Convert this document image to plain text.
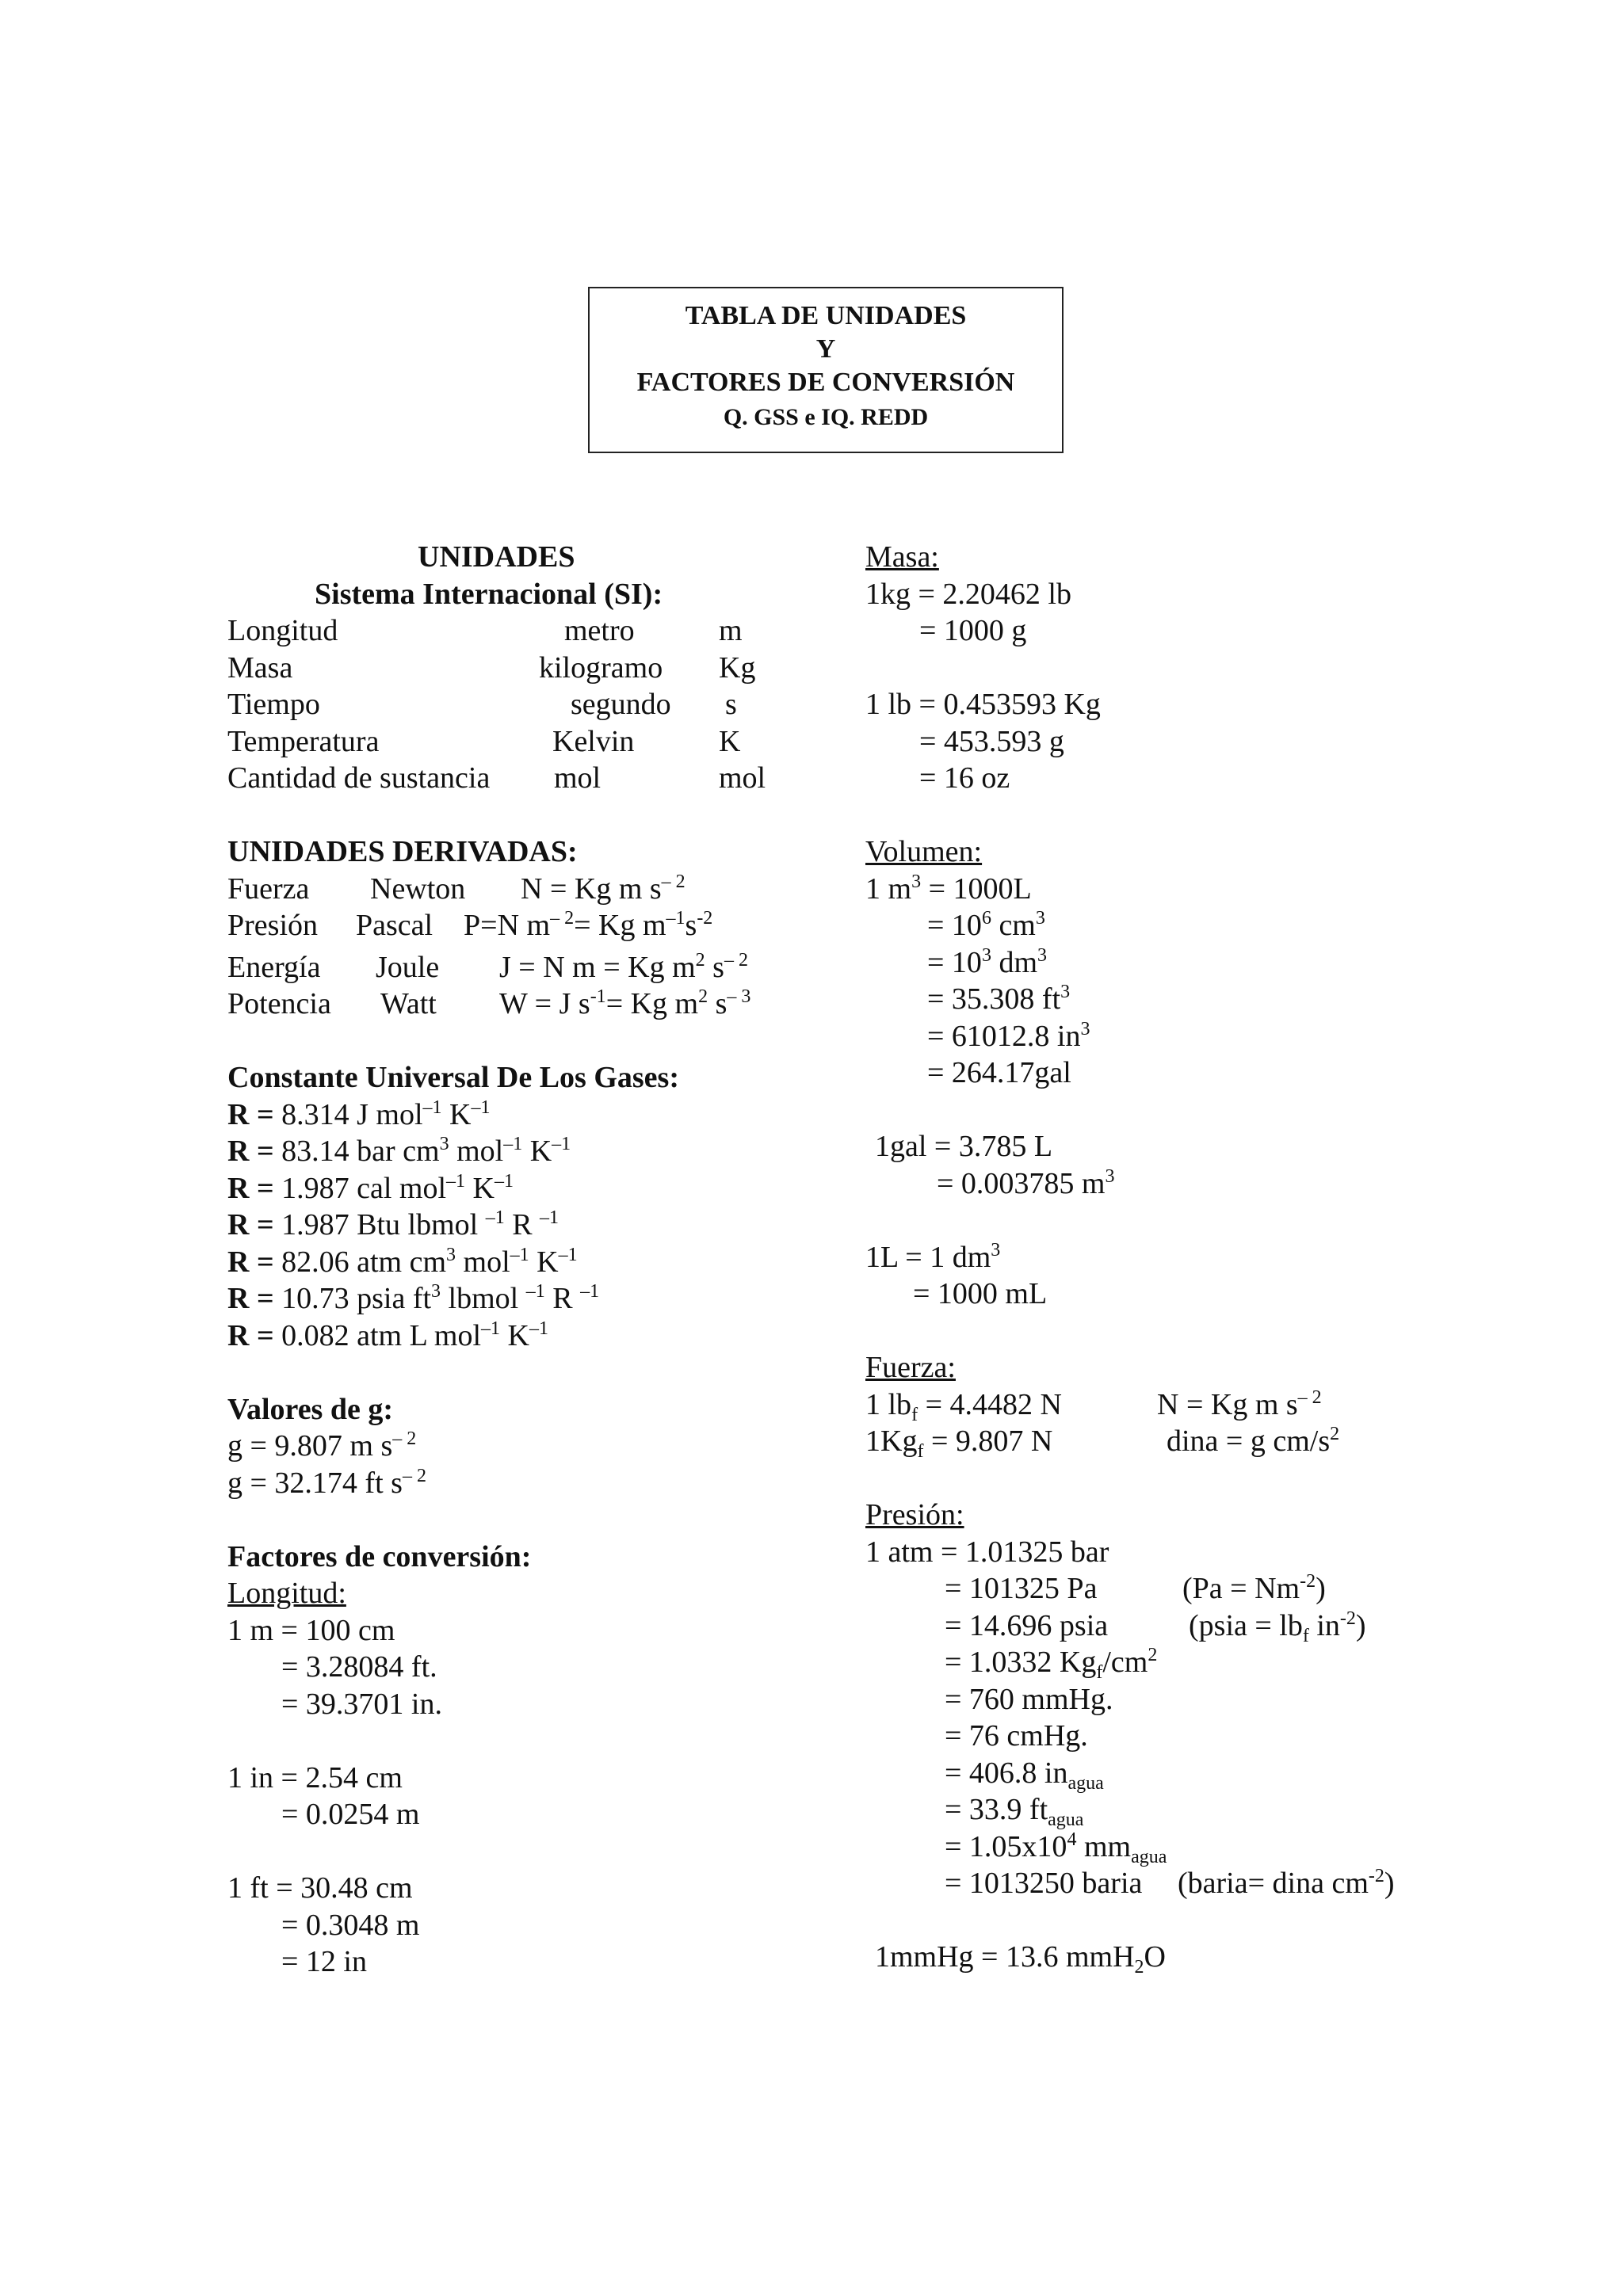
TABLA DE UNIDADES
Y
FACTORES DE CONVERSIÓN
Q. GSS e IQ. REDD
UNIDADES
Sistema Internacional (SI):
Longitud	metro	m
Masa	kilogramo Kg
Tiempo	segundo s
Temperatura	Kelvin	K
Cantidad de sustancia mol	mol
UNIDADES DERIVADAS:
Fuerza Newton N = Kg m $s^{- 2}$
Presión Pascal P=N $m^{- 2}= Kg$ $m^{-1}s^{-2}$
Energía Joule J = N m = Kg $m^2$ $s^{- 2}$
Potencia Watt W = J $s^{-1}= Kg$ $m^2$ $s^{- 3}$
Constante Universal De Los Gases:
R = 8.314 J mol$^{-1}$ $K^{-1}$
R = 83.14 bar $cm^3$ mol$^{-1}$ $K^{-1}$
R = 1.987 cal mol$^{-1}$ $K^{-1}$
R = 1.987 Btu lbmol $^{-1}$ R $^{-1}$
R = 82.06 atm $cm^3$ mol$^{-1}$ $K^{-1}$
R = 10.73 psia $ft^3$ lbmol $^{-1}$ R $^{-1}$
R = 0.082 atm L mol$^{-1}$ $K^{-1}$
Valores de g:
g = 9.807 m $s^{- 2}$
g = 32.174 ft $s^{- 2}$
Factores de conversión:
Longitud:
1 m = 100 cm
= 3.28084 ft.
= 39.3701 in.
1 in = 2.54 cm
= 0.0254 m
1 ft = 30.48 cm
= 0.3048 m
= 12 in
Masa:
1kg = 2.20462 lb
= 1000 g
1 lb = 0.453593 Kg
= 453.593 g
= 16 oz
Volumen:
1 $m^3 = 1000L$
= $10^6$ $cm^3$
= $10^3$ $dm^3$
= 35.308 $ft^3$
= 61012.8 $in^3$
= 264.17gal
1gal = 3.785 L
= 0.003785 $m^3$
1L = 1 $dm^3$
= 1000 mL
Fuerza:
1 $lb_f = 4.4482$ N	N = Kg m $s^{- 2}$
$1Kg_f = 9.807$ N	dina = g $cm/s^2$
Presión:
1 atm = 1.01325 bar
= 101325 Pa	$(Pa = Nm^{-2})$
= 14.696 psia	(psia = $lb_f$ $in^{-2}$)
= 1.0332 $Kg_f/cm^2$
= 760 mmHg.
= 76 cmHg.
= 406.8 $in_{agua}$
= 33.9 $ft_{agua}$
= $1.05x10^4$ $mm_{agua}$
= 1013250 baria (baria= dina $cm^{-2}$)
1mmHg = 13.6 mmH$_2$O
